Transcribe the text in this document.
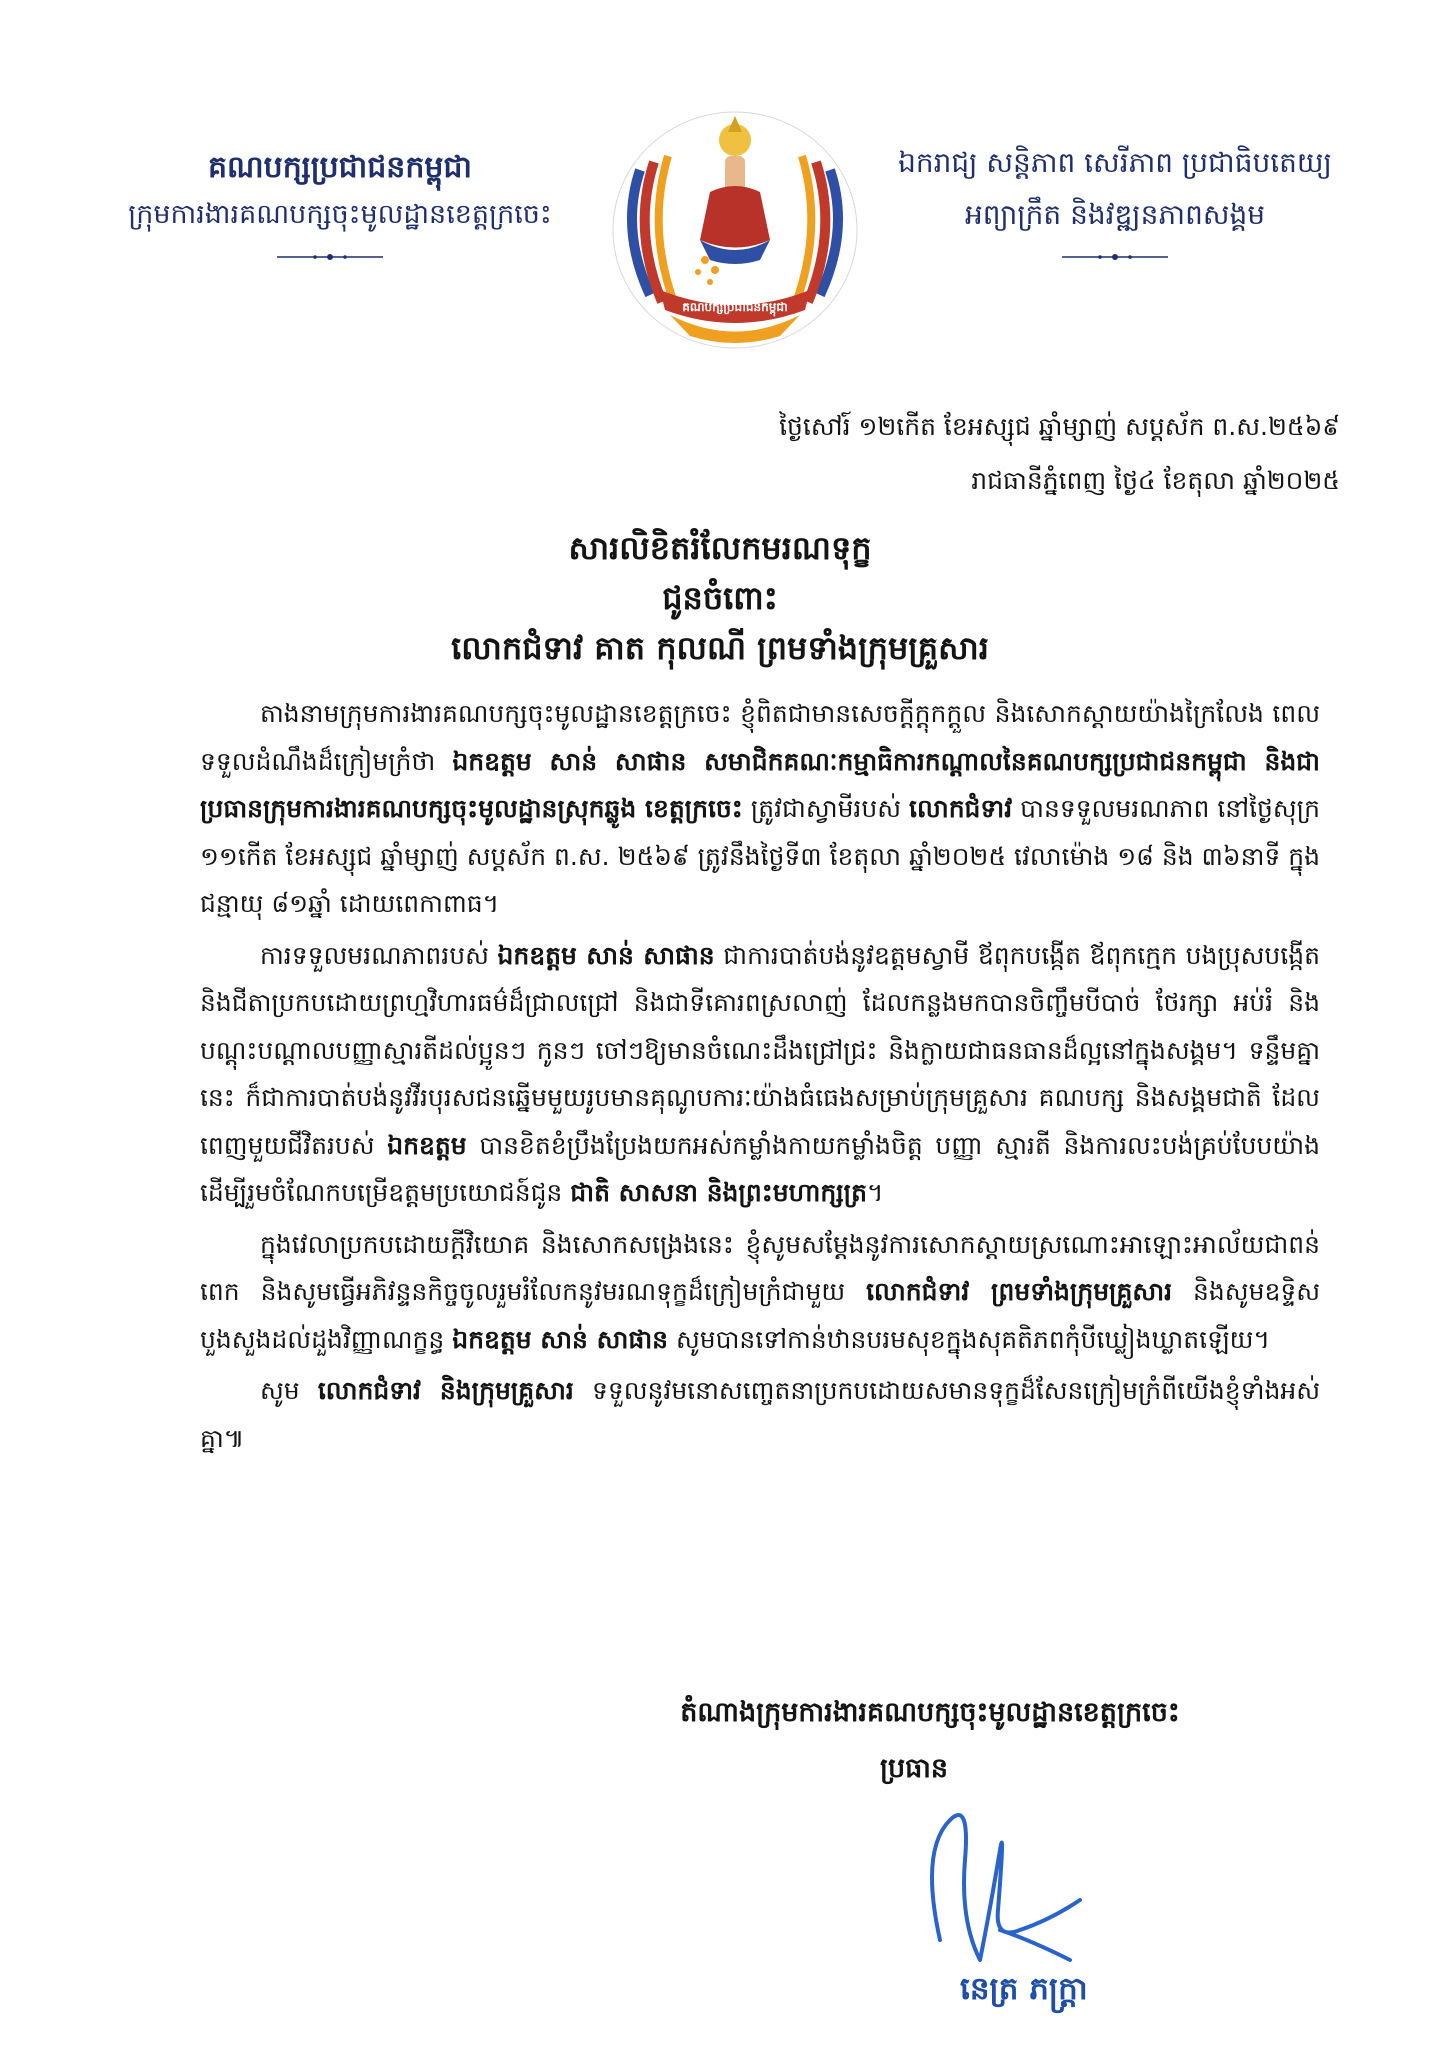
គណបក្សប្រជាជនកម្ពុជា
ក្រុមការងារគណបក្សចុះមូលដ្ឋានខេត្តក្រចេះ
គណបក្សប្រជាជនកម្ពុជា
ឯករាជ្យ សន្តិភាព សេរីភាព ប្រជាធិបតេយ្យ
អព្យាក្រឹត និងវឌ្ឍនភាពសង្គម
ថ្ងៃសៅរ៍ ១២កើត ខែអស្សុជ ឆ្នាំម្សាញ់ សប្តស័ក ព.ស.២៥៦៩
រាជធានីភ្នំពេញ ថ្ងៃ៤ ខែតុលា ឆ្នាំ២០២៥
សារលិខិតរំលែកមរណទុក្ខ
ជូនចំពោះ
លោកជំទាវ គាត កុលណី ព្រមទាំងក្រុមគ្រួសារ

តាងនាមក្រុមការងារគណបក្សចុះមូលដ្ឋានខេត្តក្រចេះ ខ្ញុំពិតជាមានសេចក្តីក្តុកក្តួល និងសោកស្តាយយ៉ាងក្រៃលែង ពេលទទួលដំណឹងដ៏ក្រៀមក្រំថា ឯកឧត្តម សាន់ សាផាន សមាជិកគណៈកម្មាធិការកណ្តាលនៃគណបក្សប្រជាជនកម្ពុជា និងជាប្រធានក្រុមការងារគណបក្សចុះមូលដ្ឋានស្រុកឆ្លូង ខេត្តក្រចេះ ត្រូវជាស្វាមីរបស់ លោកជំទាវ បានទទួលមរណភាព នៅថ្ងៃសុក្រ ១១កើត ខែអស្សុជ ឆ្នាំម្សាញ់ សប្តស័ក ព.ស. ២៥៦៩ ត្រូវនឹងថ្ងៃទី៣ ខែតុលា ឆ្នាំ២០២៥ វេលាម៉ោង ១៨ និង ៣៦នាទី ក្នុងជន្មាយុ ៨១ឆ្នាំ ដោយពេកាពាធ។

ការទទួលមរណភាពរបស់ ឯកឧត្តម សាន់ សាផាន ជាការបាត់បង់នូវឧត្តមស្វាមី ឪពុកបង្កើត ឪពុកក្មេក បងប្រុសបង្កើត និងជីតាប្រកបដោយព្រហ្មវិហារធម៌ដ៏ជ្រាលជ្រៅ និងជាទីគោរពស្រលាញ់ ដែលកន្លងមកបានចិញ្ចឹមបីបាច់ ថែរក្សា អប់រំ និងបណ្តុះបណ្តាលបញ្ញាស្មារតីដល់ប្អូនៗ កូនៗ ចៅៗឱ្យមានចំណេះដឹងជ្រៅជ្រះ និងក្លាយជាធនធានដ៏ល្អនៅក្នុងសង្គម។ ទន្ទឹមគ្នានេះ ក៏ជាការបាត់បង់នូវវីរបុរសជនឆ្នើមមួយរូបមានគុណូបការៈយ៉ាងធំធេងសម្រាប់ក្រុមគ្រួសារ គណបក្ស និងសង្គមជាតិ ដែលពេញមួយជីវិតរបស់ ឯកឧត្តម បានខិតខំប្រឹងប្រែងយកអស់កម្លាំងកាយកម្លាំងចិត្ត បញ្ញា ស្មារតី និងការលះបង់គ្រប់បែបយ៉ាងដើម្បីរួមចំណែកបម្រើឧត្តមប្រយោជន៍ជូន ជាតិ សាសនា និងព្រះមហាក្សត្រ។

ក្នុងវេលាប្រកបដោយក្តីវិយោគ និងសោកសង្រេងនេះ ខ្ញុំសូមសម្តែងនូវការសោកស្តាយស្រណោះអាឡោះអាល័យជាពន់ពេក និងសូមធ្វើអភិវន្ទនកិច្ចចូលរួមរំលែកនូវមរណទុក្ខដ៏ក្រៀមក្រំជាមួយ លោកជំទាវ ព្រមទាំងក្រុមគ្រួសារ និងសូមឧទ្ទិសបួងសួងដល់ដួងវិញ្ញាណក្ខន្ធ ឯកឧត្តម សាន់ សាផាន សូមបានទៅកាន់ឋានបរមសុខក្នុងសុគតិភពកុំបីឃ្លៀងឃ្លាតឡើយ។

សូម លោកជំទាវ និងក្រុមគ្រួសារ ទទួលនូវមនោសញ្ចេតនាប្រកបដោយសមានទុក្ខដ៏សែនក្រៀមក្រំពីយើងខ្ញុំទាំងអស់គ្នា៕

តំណាងក្រុមការងារគណបក្សចុះមូលដ្ឋានខេត្តក្រចេះ
ប្រធាន
នេត្រ ភក្ត្រា
